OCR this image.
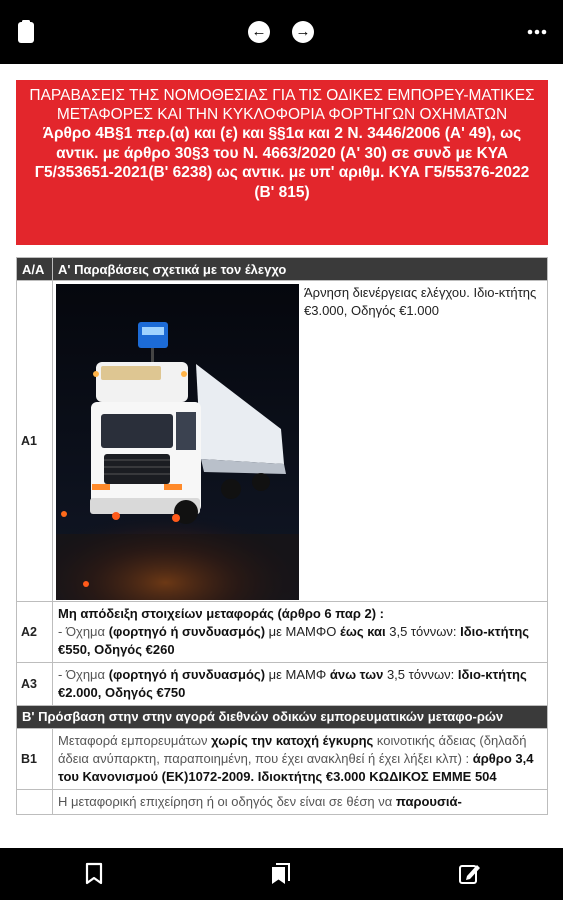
← →
ΠΑΡΑΒΑΣΕΙΣ ΤΗΣ ΝΟΜΟΘΕΣΙΑΣ ΓΙΑ ΤΙΣ ΟΔΙΚΕΣ ΕΜΠΟΡΕΥ-ΜΑΤΙΚΕΣ ΜΕΤΑΦΟΡΕΣ ΚΑΙ ΤΗΝ ΚΥΚΛΟΦΟΡΙΑ ΦΟΡΤΗΓΩΝ ΟΧΗΜΑΤΩΝ
Άρθρο 4Β§1 περ.(α) και (ε) και §§1α και 2 Ν. 3446/2006 (Α' 49), ως αντικ. με άρθρο 30§3 του Ν. 4663/2020 (Α' 30) σε συνδ με ΚΥΑ Γ5/353651-2021(Β' 6238) ως αντικ. με υπ' αριθμ. ΚΥΑ Γ5/55376-2022 (Β' 815)
Α/Α	Α' Παραβάσεις σχετικά με τον έλεγχο
Α1	Άρνηση διενέργειας ελέγχου. Ιδιο-κτήτης €3.000, Οδηγός €1.000

Α2	Μη απόδειξη στοιχείων μεταφοράς (άρθρο 6 παρ 2) :
- Όχημα (φορτηγό ή συνδυασμός) με ΜΑΜΦΟ έως και 3,5 τόννων: Ιδιο-κτήτης €550, Οδηγός €260

Α3	- Όχημα (φορτηγό ή συνδυασμός) με ΜΑΜΦ άνω των 3,5 τόννων: Ιδιο-κτήτης €2.000, Οδηγός €750
Β' Πρόσβαση στην στην αγορά διεθνών οδικών εμπορευματικών μεταφο-ρών	
Β1	Μεταφορά εμπορευμάτων χωρίς την κατοχή έγκυρης κοινοτικής άδειας (δηλαδή άδεια ανύπαρκτη, παραποιημένη, που έχει ανακληθεί ή έχει λήξει κλπ) : άρθρο 3,4 του Κανονισμού (ΕΚ)1072-2009. Ιδιοκτήτης €3.000 ΚΩΔΙΚΟΣ ΕΜΜΕ 504
	Η μεταφορική επιχείρηση ή οι οδηγός δεν είναι σε θέση να παρουσιά-
